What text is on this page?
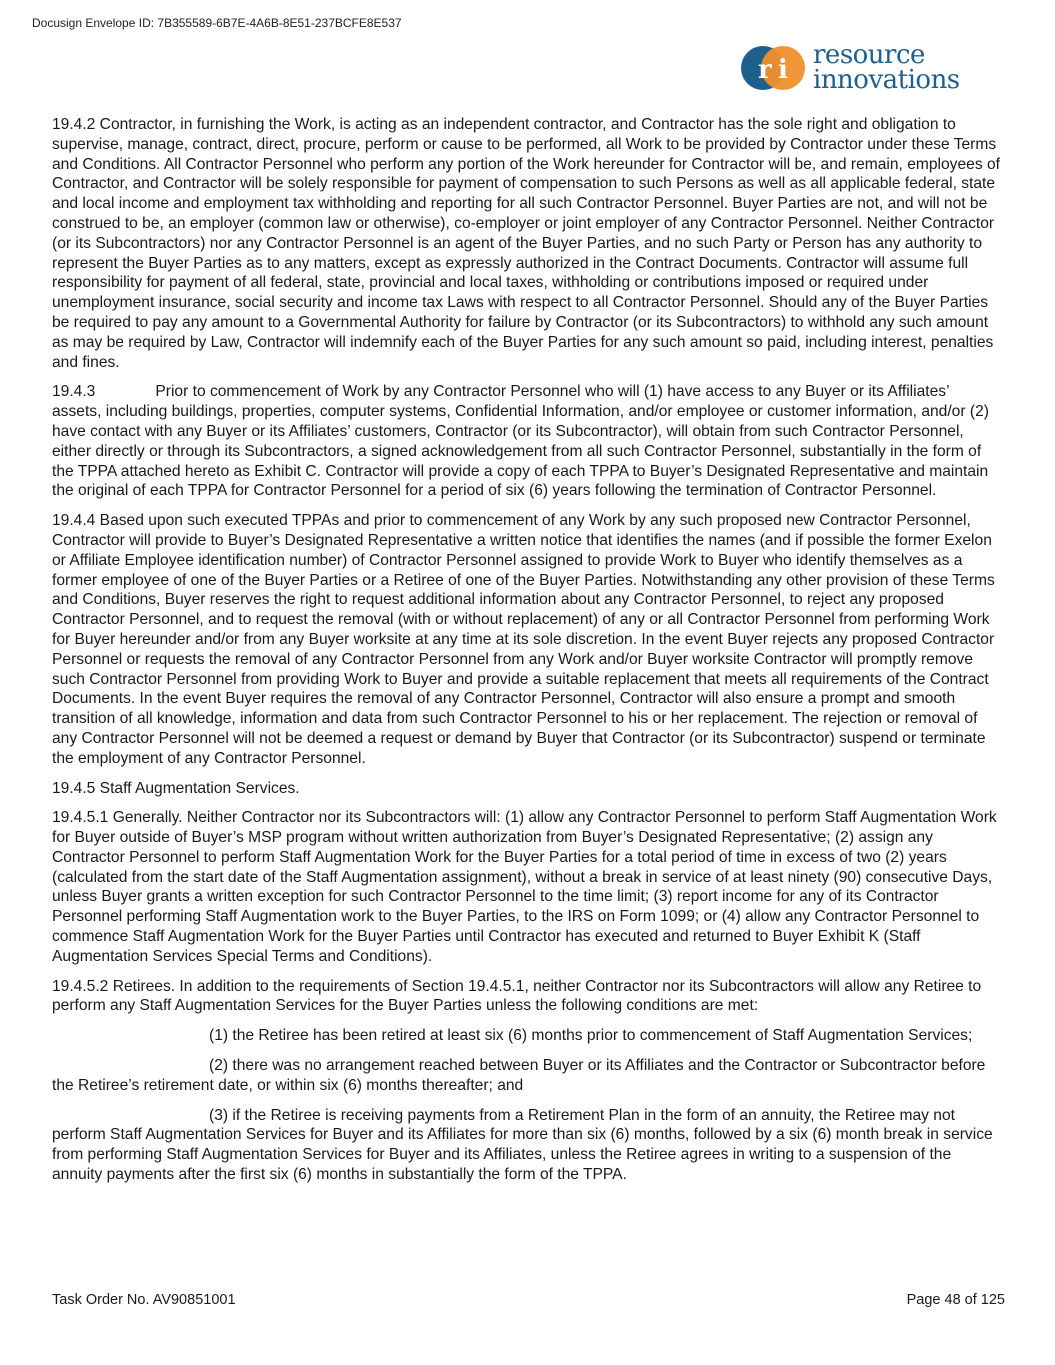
Docusign Envelope ID: 7B355589-6B7E-4A6B-8E51-237BCFE8E537
r i resource
innovations

19.4.2 Contractor, in furnishing the Work, is acting as an independent contractor, and Contractor has the sole right and obligation to supervise, manage, contract, direct, procure, perform or cause to be performed, all Work to be provided by Contractor under these Terms and Conditions. All Contractor Personnel who perform any portion of the Work hereunder for Contractor will be, and remain, employees of Contractor, and Contractor will be solely responsible for payment of compensation to such Persons as well as all applicable federal, state and local income and employment tax withholding and reporting for all such Contractor Personnel. Buyer Parties are not, and will not be construed to be, an employer (common law or otherwise), co-employer or joint employer of any Contractor Personnel. Neither Contractor (or its Subcontractors) nor any Contractor Personnel is an agent of the Buyer Parties, and no such Party or Person has any authority to represent the Buyer Parties as to any matters, except as expressly authorized in the Contract Documents. Contractor will assume full responsibility for payment of all federal, state, provincial and local taxes, withholding or contributions imposed or required under unemployment insurance, social security and income tax Laws with respect to all Contractor Personnel. Should any of the Buyer Parties be required to pay any amount to a Governmental Authority for failure by Contractor (or its Subcontractors) to withhold any such amount as may be required by Law, Contractor will indemnify each of the Buyer Parties for any such amount so paid, including interest, penalties and fines.

19.4.3	Prior to commencement of Work by any Contractor Personnel who will (1) have access to any Buyer or its Affiliates’ assets, including buildings, properties, computer systems, Confidential Information, and/or employee or customer information, and/or (2) have contact with any Buyer or its Affiliates’ customers, Contractor (or its Subcontractor), will obtain from such Contractor Personnel, either directly or through its Subcontractors, a signed acknowledgement from all such Contractor Personnel, substantially in the form of the TPPA attached hereto as Exhibit C. Contractor will provide a copy of each TPPA to Buyer’s Designated Representative and maintain the original of each TPPA for Contractor Personnel for a period of six (6) years following the termination of Contractor Personnel.

19.4.4 Based upon such executed TPPAs and prior to commencement of any Work by any such proposed new Contractor Personnel, Contractor will provide to Buyer’s Designated Representative a written notice that identifies the names (and if possible the former Exelon or Affiliate Employee identification number) of Contractor Personnel assigned to provide Work to Buyer who identify themselves as a former employee of one of the Buyer Parties or a Retiree of one of the Buyer Parties. Notwithstanding any other provision of these Terms and Conditions, Buyer reserves the right to request additional information about any Contractor Personnel, to reject any proposed Contractor Personnel, and to request the removal (with or without replacement) of any or all Contractor Personnel from performing Work for Buyer hereunder and/or from any Buyer worksite at any time at its sole discretion. In the event Buyer rejects any proposed Contractor Personnel or requests the removal of any Contractor Personnel from any Work and/or Buyer worksite Contractor will promptly remove such Contractor Personnel from providing Work to Buyer and provide a suitable replacement that meets all requirements of the Contract Documents. In the event Buyer requires the removal of any Contractor Personnel, Contractor will also ensure a prompt and smooth transition of all knowledge, information and data from such Contractor Personnel to his or her replacement. The rejection or removal of any Contractor Personnel will not be deemed a request or demand by Buyer that Contractor (or its Subcontractor) suspend or terminate the employment of any Contractor Personnel.

19.4.5 Staff Augmentation Services.

19.4.5.1 Generally. Neither Contractor nor its Subcontractors will: (1) allow any Contractor Personnel to perform Staff Augmentation Work for Buyer outside of Buyer’s MSP program without written authorization from Buyer’s Designated Representative; (2) assign any Contractor Personnel to perform Staff Augmentation Work for the Buyer Parties for a total period of time in excess of two (2) years (calculated from the start date of the Staff Augmentation assignment), without a break in service of at least ninety (90) consecutive Days, unless Buyer grants a written exception for such Contractor Personnel to the time limit; (3) report income for any of its Contractor Personnel performing Staff Augmentation work to the Buyer Parties, to the IRS on Form 1099; or (4) allow any Contractor Personnel to commence Staff Augmentation Work for the Buyer Parties until Contractor has executed and returned to Buyer Exhibit K (Staff Augmentation Services Special Terms and Conditions).

19.4.5.2 Retirees. In addition to the requirements of Section 19.4.5.1, neither Contractor nor its Subcontractors will allow any Retiree to perform any Staff Augmentation Services for the Buyer Parties unless the following conditions are met:

(1) the Retiree has been retired at least six (6) months prior to commencement of Staff Augmentation Services;

(2) there was no arrangement reached between Buyer or its Affiliates and the Contractor or Subcontractor before the Retiree’s retirement date, or within six (6) months thereafter; and

(3) if the Retiree is receiving payments from a Retirement Plan in the form of an annuity, the Retiree may not perform Staff Augmentation Services for Buyer and its Affiliates for more than six (6) months, followed by a six (6) month break in service from performing Staff Augmentation Services for Buyer and its Affiliates, unless the Retiree agrees in writing to a suspension of the annuity payments after the first six (6) months in substantially the form of the TPPA.

Task Order No. AV90851001	Page 48 of 125
